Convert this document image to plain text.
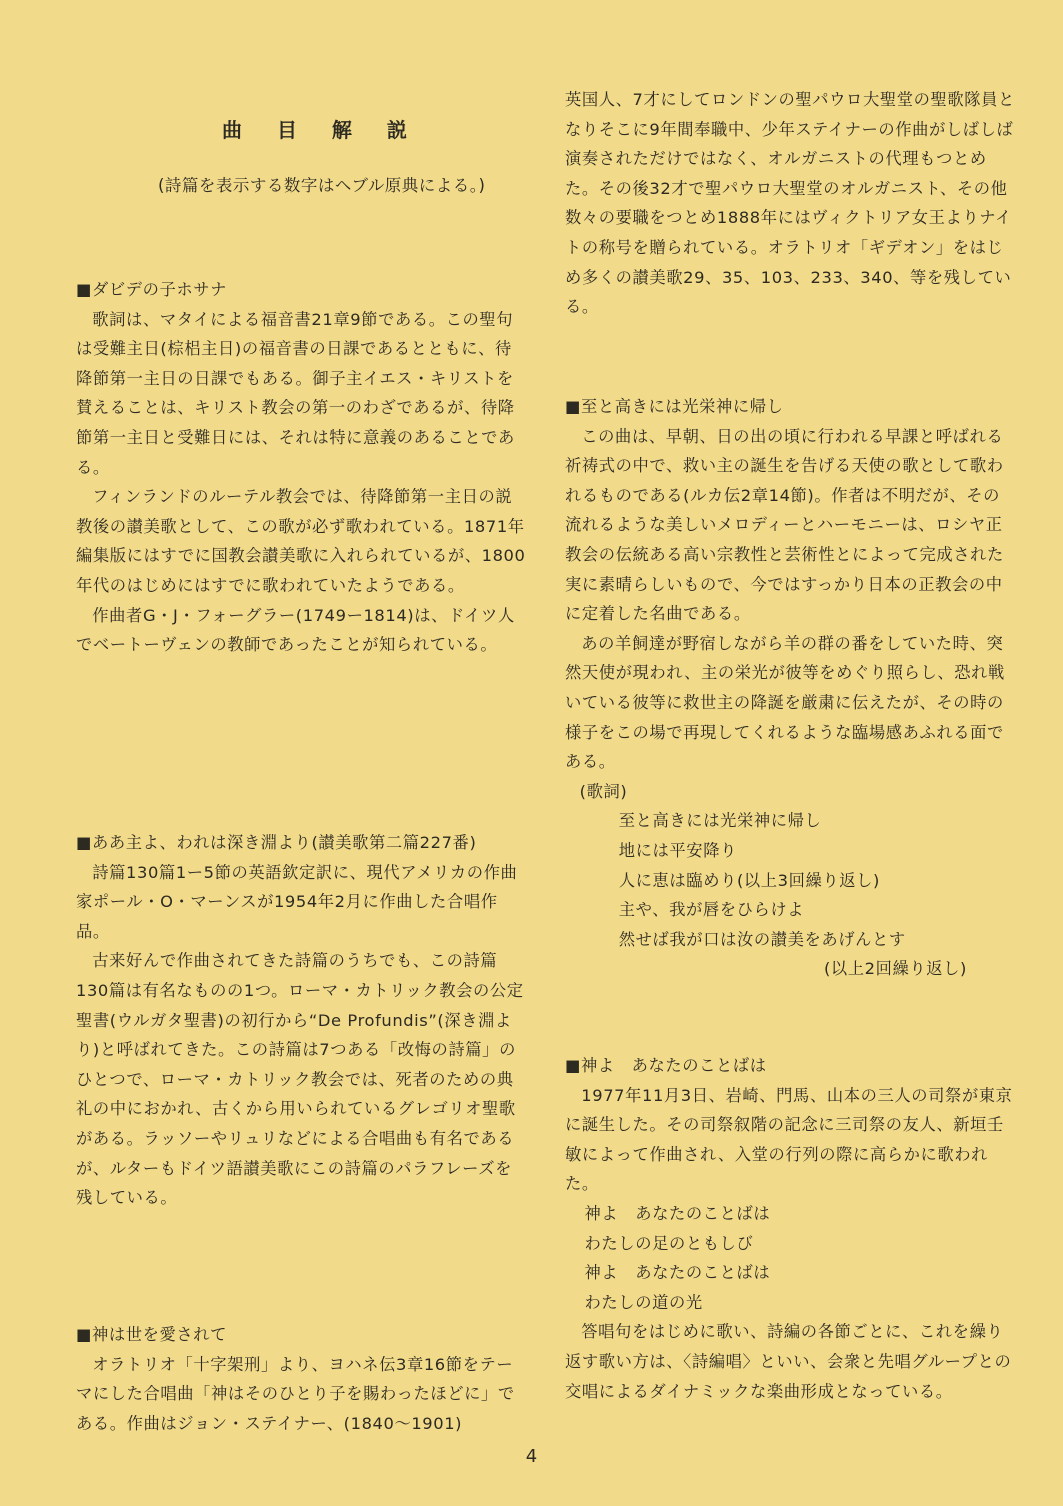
曲 目 解 説

(詩篇を表示する数字はヘブル原典による。)

■ダビデの子ホサナ

歌詞は、マタイによる福音書21章9節である。この聖句は受難主日(棕梠主日)の福音書の日課であるとともに、待降節第一主日の日課でもある。御子主イエス・キリストを賛えることは、キリスト教会の第一のわざであるが、待降節第一主日と受難日には、それは特に意義のあることである。

フィンランドのルーテル教会では、待降節第一主日の説教後の讃美歌として、この歌が必ず歌われている。1871年編集版にはすでに国教会讃美歌に入れられているが、1800年代のはじめにはすでに歌われていたようである。

作曲者G・J・フォーグラー(1749ー1814)は、ドイツ人でベートーヴェンの教師であったことが知られている。

■ああ主よ、われは深き淵より(讃美歌第二篇227番)

詩篇130篇1ー5節の英語欽定訳に、現代アメリカの作曲家ポール・O・マーンスが1954年2月に作曲した合唱作品。

古来好んで作曲されてきた詩篇のうちでも、この詩篇130篇は有名なものの1つ。ローマ・カトリック教会の公定聖書(ウルガタ聖書)の初行から“De Profundis”(深き淵より)と呼ばれてきた。この詩篇は7つある「改悔の詩篇」のひとつで、ローマ・カトリック教会では、死者のための典礼の中におかれ、古くから用いられているグレゴリオ聖歌がある。ラッソーやリュリなどによる合唱曲も有名であるが、ルターもドイツ語讃美歌にこの詩篇のパラフレーズを残している。

■神は世を愛されて

オラトリオ「十字架刑」より、ヨハネ伝3章16節をテーマにした合唱曲「神はそのひとり子を賜わったほどに」である。作曲はジョン・ステイナー、(1840〜1901)

英国人、7才にしてロンドンの聖パウロ大聖堂の聖歌隊員となりそこに9年間奉職中、少年ステイナーの作曲がしばしば演奏されただけではなく、オルガニストの代理もつとめた。その後32才で聖パウロ大聖堂のオルガニスト、その他数々の要職をつとめ1888年にはヴィクトリア女王よりナイトの称号を贈られている。オラトリオ「ギデオン」をはじめ多くの讃美歌29、35、103、233、340、等を残している。

■至と高きには光栄神に帰し

この曲は、早朝、日の出の頃に行われる早課と呼ばれる祈祷式の中で、救い主の誕生を告げる天使の歌として歌われるものである(ルカ伝2章14節)。作者は不明だが、その流れるような美しいメロディーとハーモニーは、ロシヤ正教会の伝統ある高い宗教性と芸術性とによって完成された実に素晴らしいもので、今ではすっかり日本の正教会の中に定着した名曲である。

あの羊飼達が野宿しながら羊の群の番をしていた時、突然天使が現われ、主の栄光が彼等をめぐり照らし、恐れ戦いている彼等に救世主の降誕を厳粛に伝えたが、その時の様子をこの場で再現してくれるような臨場感あふれる面である。

(歌詞)

至と高きには光栄神に帰し

地には平安降り

人に恵は臨めり(以上3回繰り返し)

主や、我が唇をひらけよ

然せば我が口は汝の讃美をあげんとす

(以上2回繰り返し)

■神よ　あなたのことばは

1977年11月3日、岩崎、門馬、山本の三人の司祭が東京に誕生した。その司祭叙階の記念に三司祭の友人、新垣壬敏によって作曲され、入堂の行列の際に高らかに歌われた。

神よ　あなたのことばは

わたしの足のともしび

神よ　あなたのことばは

わたしの道の光

答唱句をはじめに歌い、詩編の各節ごとに、これを繰り返す歌い方は、〈詩編唱〉といい、会衆と先唱グループとの交唱によるダイナミックな楽曲形成となっている。

4
